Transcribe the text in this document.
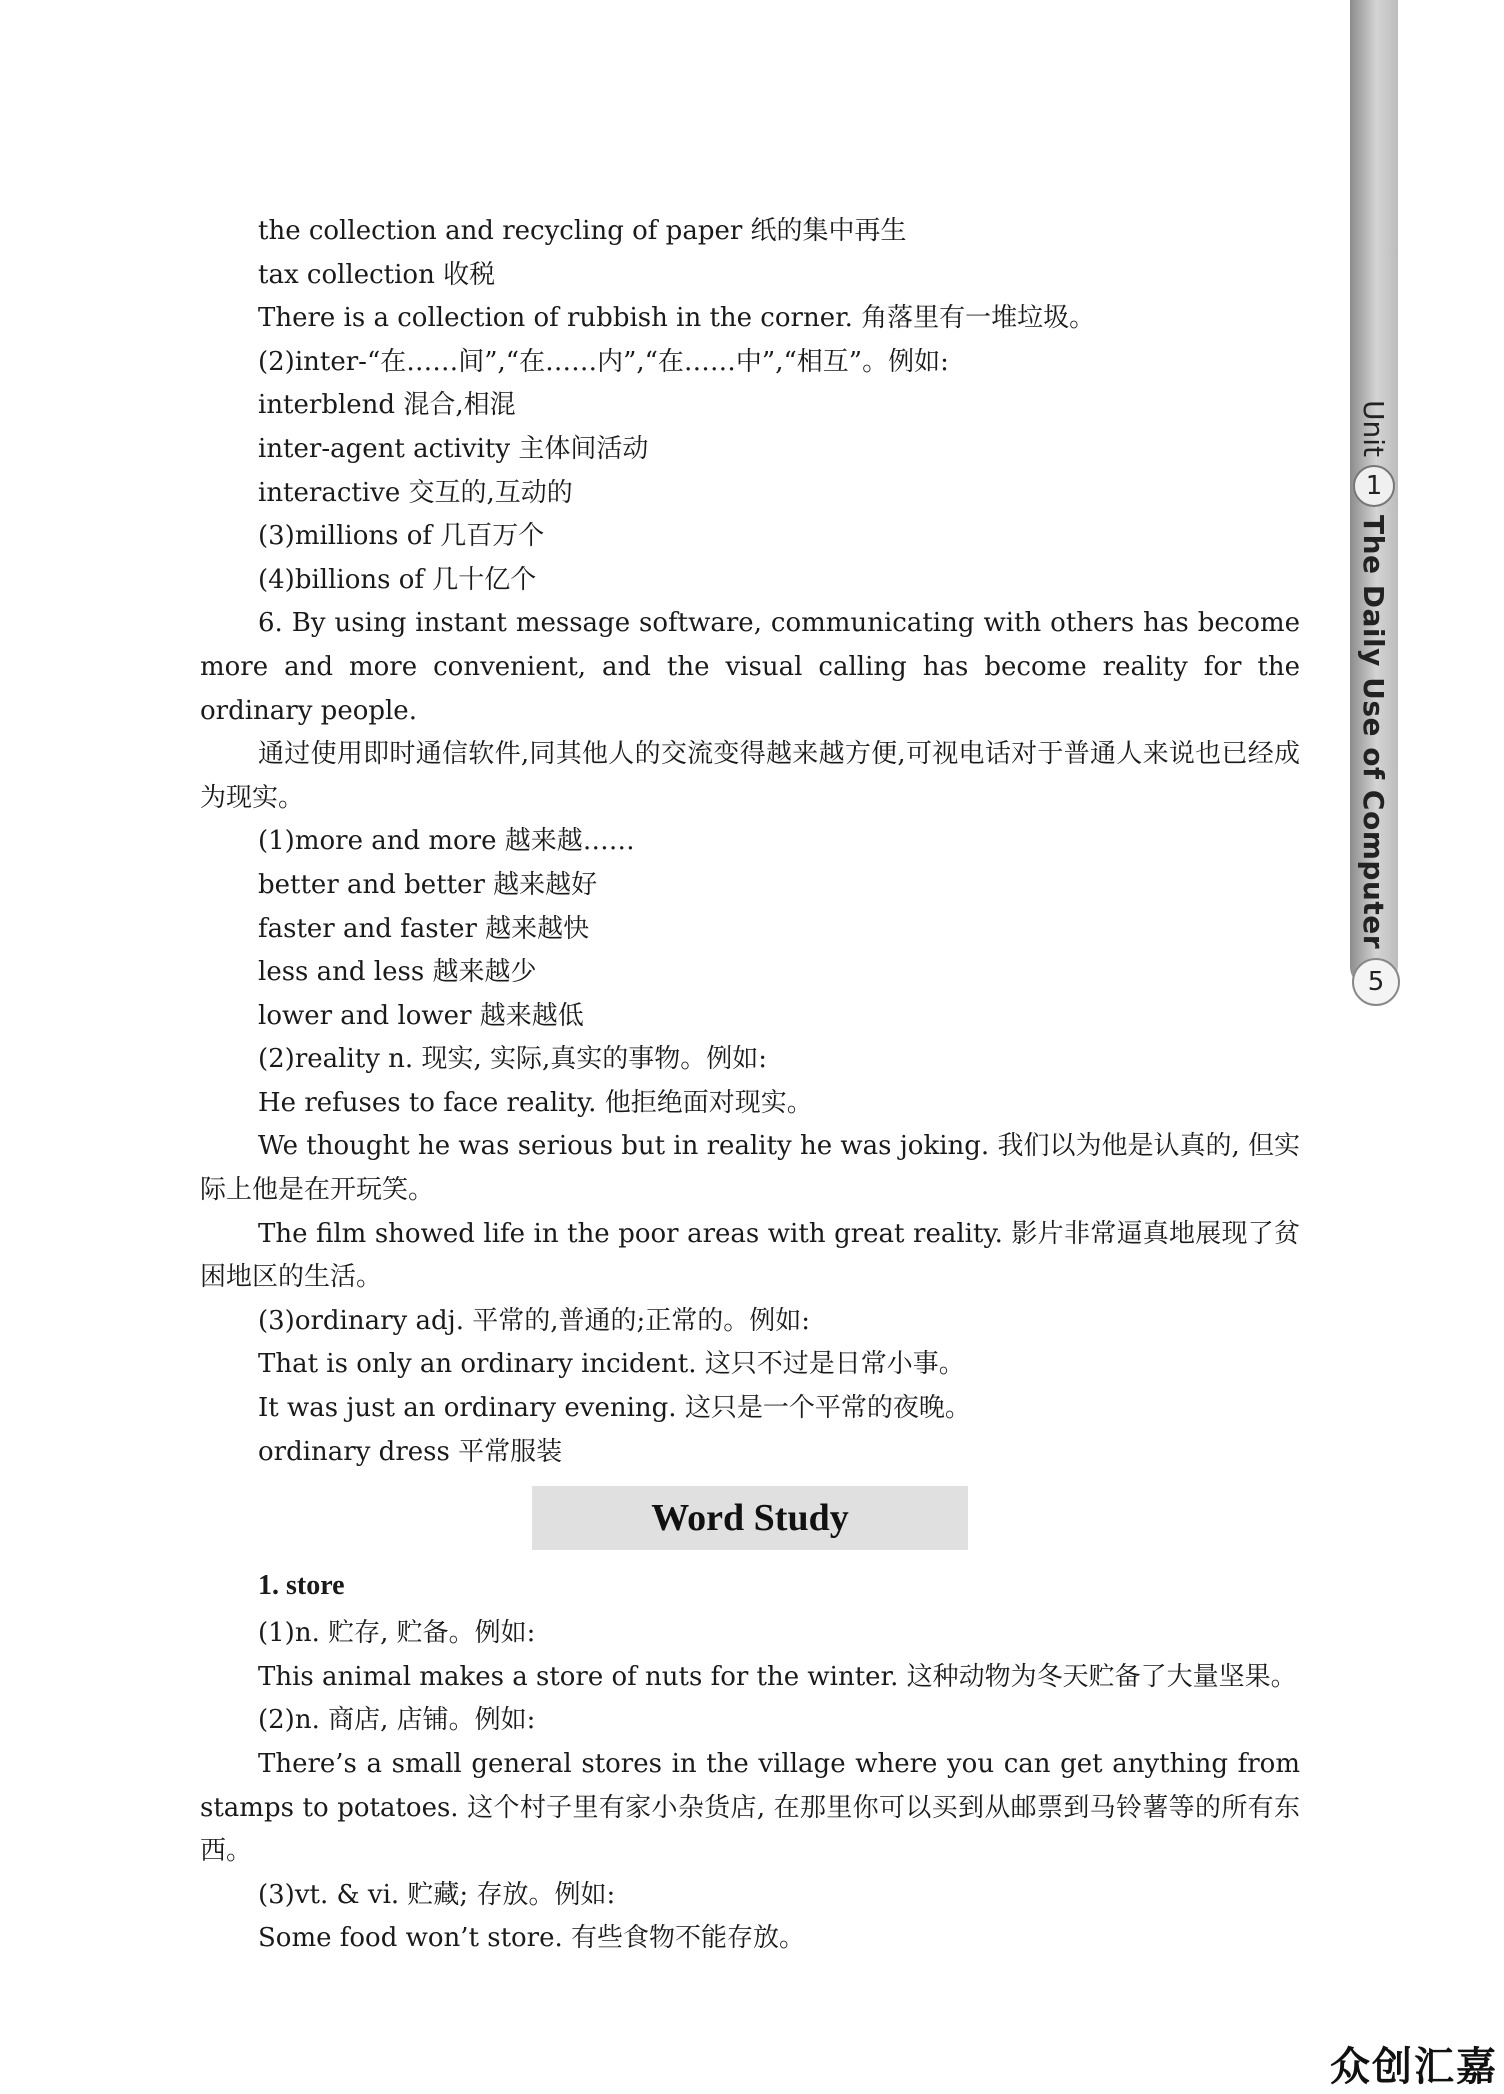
Unit
1
The Daily Use of Computer
5
the collection and recycling of paper 纸的集中再生
tax collection 收税
There is a collection of rubbish in the corner. 角落里有一堆垃圾。
(2)inter-“在……间”,“在……内”,“在……中”,“相互”。例如:
interblend 混合,相混
inter-agent activity 主体间活动
interactive 交互的,互动的
(3)millions of 几百万个
(4)billions of 几十亿个
6. By using instant message software, communicating with others has become more and more convenient, and the visual calling has become reality for the ordinary people.
通过使用即时通信软件,同其他人的交流变得越来越方便,可视电话对于普通人来说也已经成为现实。
(1)more and more 越来越……
better and better 越来越好
faster and faster 越来越快
less and less 越来越少
lower and lower 越来越低
(2)reality n. 现实, 实际,真实的事物。例如:
He refuses to face reality. 他拒绝面对现实。
We thought he was serious but in reality he was joking. 我们以为他是认真的, 但实际上他是在开玩笑。
The film showed life in the poor areas with great reality. 影片非常逼真地展现了贫困地区的生活。
(3)ordinary adj. 平常的,普通的;正常的。例如:
That is only an ordinary incident. 这只不过是日常小事。
It was just an ordinary evening. 这只是一个平常的夜晚。
ordinary dress 平常服装
Word Study
1. store
(1)n. 贮存, 贮备。例如:
This animal makes a store of nuts for the winter. 这种动物为冬天贮备了大量坚果。
(2)n. 商店, 店铺。例如:
There’s a small general stores in the village where you can get anything from stamps to potatoes. 这个村子里有家小杂货店, 在那里你可以买到从邮票到马铃薯等的所有东西。
(3)vt. & vi. 贮藏; 存放。例如:
Some food won’t store. 有些食物不能存放。
众创汇嘉
